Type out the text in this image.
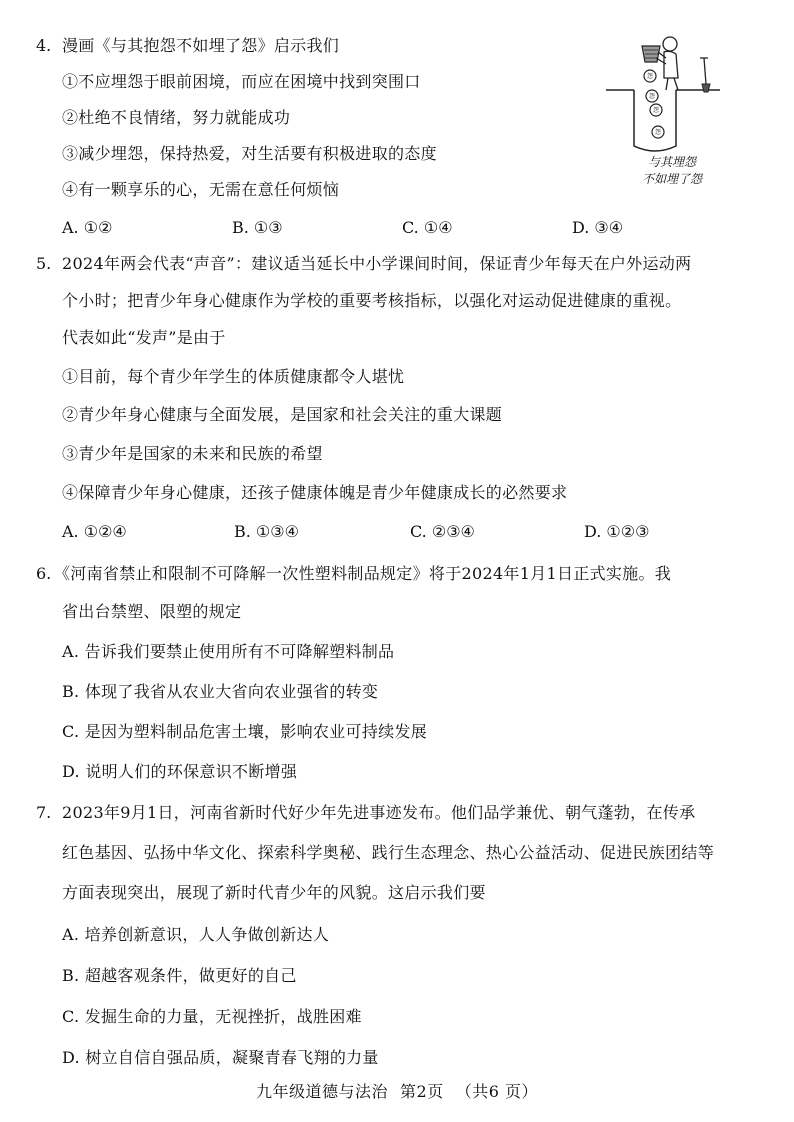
4. 漫画《与其抱怨不如埋了怨》启示我们
①不应埋怨于眼前困境，而应在困境中找到突围口
②杜绝不良情绪，努力就能成功
③减少埋怨，保持热爱，对生活要有积极进取的态度
④有一颗享乐的心，无需在意任何烦恼
A. ①②	B. ①③	C. ①④	D. ③④
怨
怨
怨
怨
与其埋怨
不如埋了怨
5. 2024年两会代表“声音”：建议适当延长中小学课间时间，保证青少年每天在户外运动两
个小时；把青少年身心健康作为学校的重要考核指标，以强化对运动促进健康的重视。
代表如此“发声”是由于
①目前，每个青少年学生的体质健康都令人堪忧
②青少年身心健康与全面发展，是国家和社会关注的重大课题
③青少年是国家的未来和民族的希望
④保障青少年身心健康，还孩子健康体魄是青少年健康成长的必然要求
A. ①②④	B. ①③④	C. ②③④	D. ①②③
6. 《河南省禁止和限制不可降解一次性塑料制品规定》将于2024年1月1日正式实施。我
省出台禁塑、限塑的规定
A. 告诉我们要禁止使用所有不可降解塑料制品
B. 体现了我省从农业大省向农业强省的转变
C. 是因为塑料制品危害土壤，影响农业可持续发展
D. 说明人们的环保意识不断增强
7. 2023年9月1日，河南省新时代好少年先进事迹发布。他们品学兼优、朝气蓬勃，在传承
红色基因、弘扬中华文化、探索科学奥秘、践行生态理念、热心公益活动、促进民族团结等
方面表现突出，展现了新时代青少年的风貌。这启示我们要
A. 培养创新意识，人人争做创新达人
B. 超越客观条件，做更好的自己
C. 发掘生命的力量，无视挫折，战胜困难
D. 树立自信自强品质，凝聚青春飞翔的力量
九年级道德与法治 第2页 （共6 页）
